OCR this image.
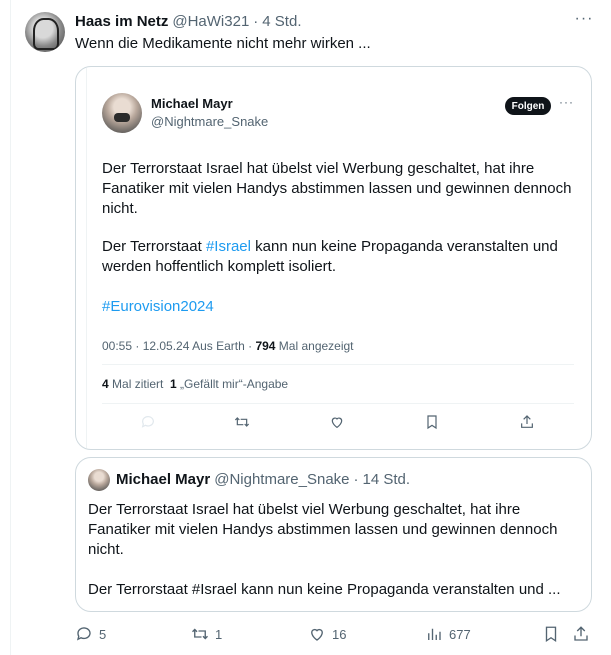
Haas im Netz @HaWi321 · 4 Std.	···
Wenn die Medikamente nicht mehr wirken ...
Michael Mayr
@Nightmare_Snake
Folgen	···
Der Terrorstaat Israel hat übelst viel Werbung geschaltet, hat ihre Fanatiker mit vielen Handys abstimmen lassen und gewinnen dennoch nicht.
Der Terrorstaat #Israel kann nun keine Propaganda veranstalten und werden hoffentlich komplett isoliert.
#Eurovision2024
00:55 · 12.05.24 Aus Earth · 794 Mal angezeigt
4 Mal zitiert  1 „Gefällt mir“-Angabe
Michael Mayr @Nightmare_Snake · 14 Std.
Der Terrorstaat Israel hat übelst viel Werbung geschaltet, hat ihre Fanatiker mit vielen Handys abstimmen lassen und gewinnen dennoch nicht.
Der Terrorstaat #Israel kann nun keine Propaganda veranstalten und ...
5	1	16	677
